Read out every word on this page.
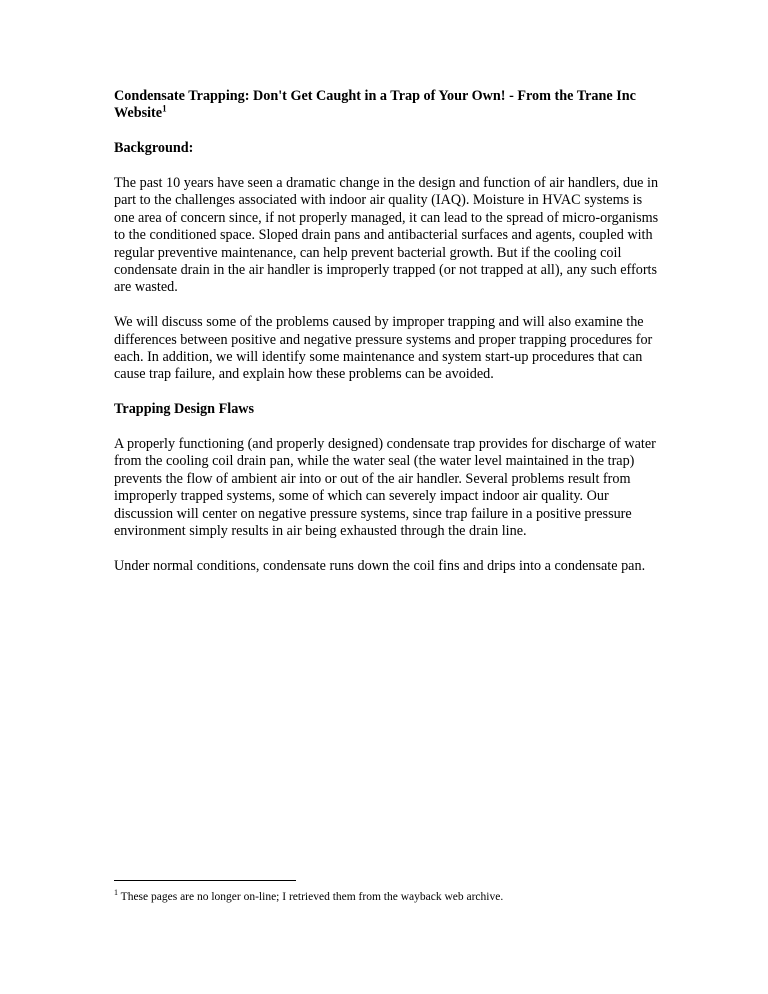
Condensate Trapping: Don't Get Caught in a Trap of Your Own! - From the Trane Inc Website$^1$

Background:

The past 10 years have seen a dramatic change in the design and function of air handlers, due in part to the challenges associated with indoor air quality (IAQ). Moisture in HVAC systems is one area of concern since, if not properly managed, it can lead to the spread of micro-organisms to the conditioned space. Sloped drain pans and antibacterial surfaces and agents, coupled with regular preventive maintenance, can help prevent bacterial growth. But if the cooling coil condensate drain in the air handler is improperly trapped (or not trapped at all), any such efforts are wasted.

We will discuss some of the problems caused by improper trapping and will also examine the differences between positive and negative pressure systems and proper trapping procedures for each. In addition, we will identify some maintenance and system start-up procedures that can cause trap failure, and explain how these problems can be avoided.

Trapping Design Flaws

A properly functioning (and properly designed) condensate trap provides for discharge of water from the cooling coil drain pan, while the water seal (the water level maintained in the trap) prevents the flow of ambient air into or out of the air handler. Several problems result from improperly trapped systems, some of which can severely impact indoor air quality. Our discussion will center on negative pressure systems, since trap failure in a positive pressure environment simply results in air being exhausted through the drain line.

Under normal conditions, condensate runs down the coil fins and drips into a condensate pan.

$^1$ These pages are no longer on-line; I retrieved them from the wayback web archive.
